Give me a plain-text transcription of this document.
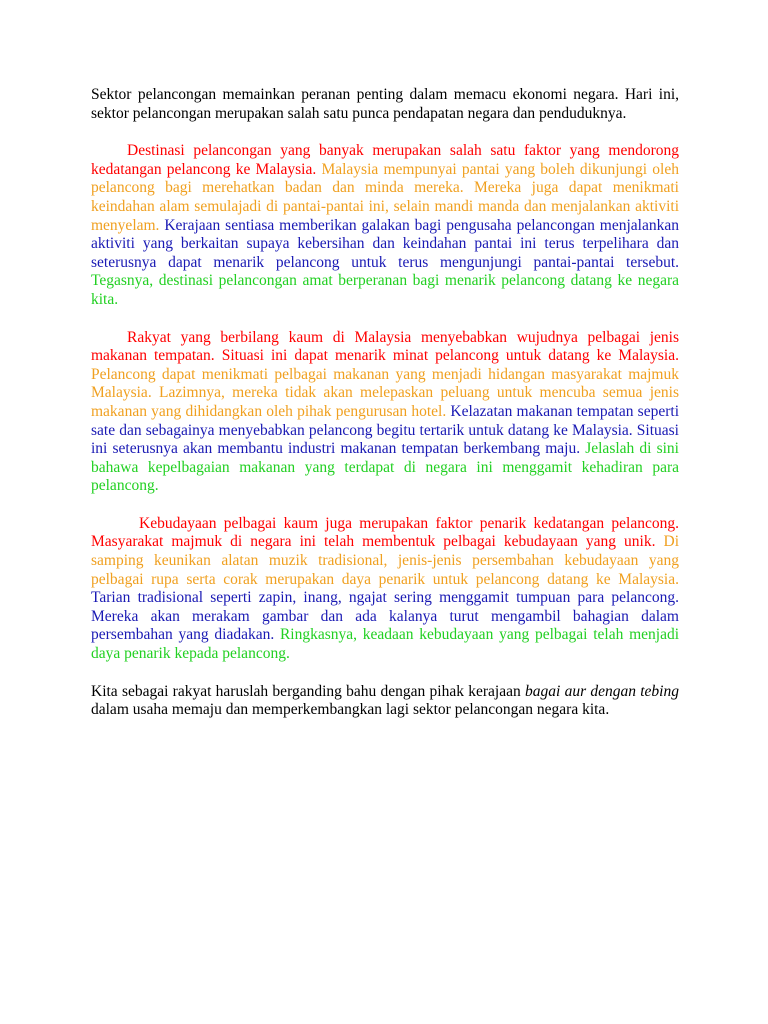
Sektor pelancongan memainkan peranan penting dalam memacu ekonomi negara. Hari ini, sektor pelancongan merupakan salah satu punca pendapatan negara dan penduduknya.

Destinasi pelancongan yang banyak merupakan salah satu faktor yang mendorong kedatangan pelancong ke Malaysia. Malaysia mempunyai pantai yang boleh dikunjungi oleh pelancong bagi merehatkan badan dan minda mereka. Mereka juga dapat menikmati keindahan alam semulajadi di pantai-pantai ini, selain mandi manda dan menjalankan aktiviti menyelam. Kerajaan sentiasa memberikan galakan bagi pengusaha pelancongan menjalankan aktiviti yang berkaitan supaya kebersihan dan keindahan pantai ini terus terpelihara dan seterusnya dapat menarik pelancong untuk terus mengunjungi pantai-pantai tersebut. Tegasnya, destinasi pelancongan amat berperanan bagi menarik pelancong datang ke negara kita.

Rakyat yang berbilang kaum di Malaysia menyebabkan wujudnya pelbagai jenis makanan tempatan. Situasi ini dapat menarik minat pelancong untuk datang ke Malaysia. Pelancong dapat menikmati pelbagai makanan yang menjadi hidangan masyarakat majmuk Malaysia. Lazimnya, mereka tidak akan melepaskan peluang untuk mencuba semua jenis makanan yang dihidangkan oleh pihak pengurusan hotel. Kelazatan makanan tempatan seperti sate dan sebagainya menyebabkan pelancong begitu tertarik untuk datang ke Malaysia. Situasi ini seterusnya akan membantu industri makanan tempatan berkembang maju. Jelaslah di sini bahawa kepelbagaian makanan yang terdapat di negara ini menggamit kehadiran para pelancong.

Kebudayaan pelbagai kaum juga merupakan faktor penarik kedatangan pelancong. Masyarakat majmuk di negara ini telah membentuk pelbagai kebudayaan yang unik. Di samping keunikan alatan muzik tradisional, jenis-jenis persembahan kebudayaan yang pelbagai rupa serta corak merupakan daya penarik untuk pelancong datang ke Malaysia. Tarian tradisional seperti zapin, inang, ngajat sering menggamit tumpuan para pelancong. Mereka akan merakam gambar dan ada kalanya turut mengambil bahagian dalam persembahan yang diadakan. Ringkasnya, keadaan kebudayaan yang pelbagai telah menjadi daya penarik kepada pelancong.

Kita sebagai rakyat haruslah berganding bahu dengan pihak kerajaan bagai aur dengan tebing dalam usaha memaju dan memperkembangkan lagi sektor pelancongan negara kita.
